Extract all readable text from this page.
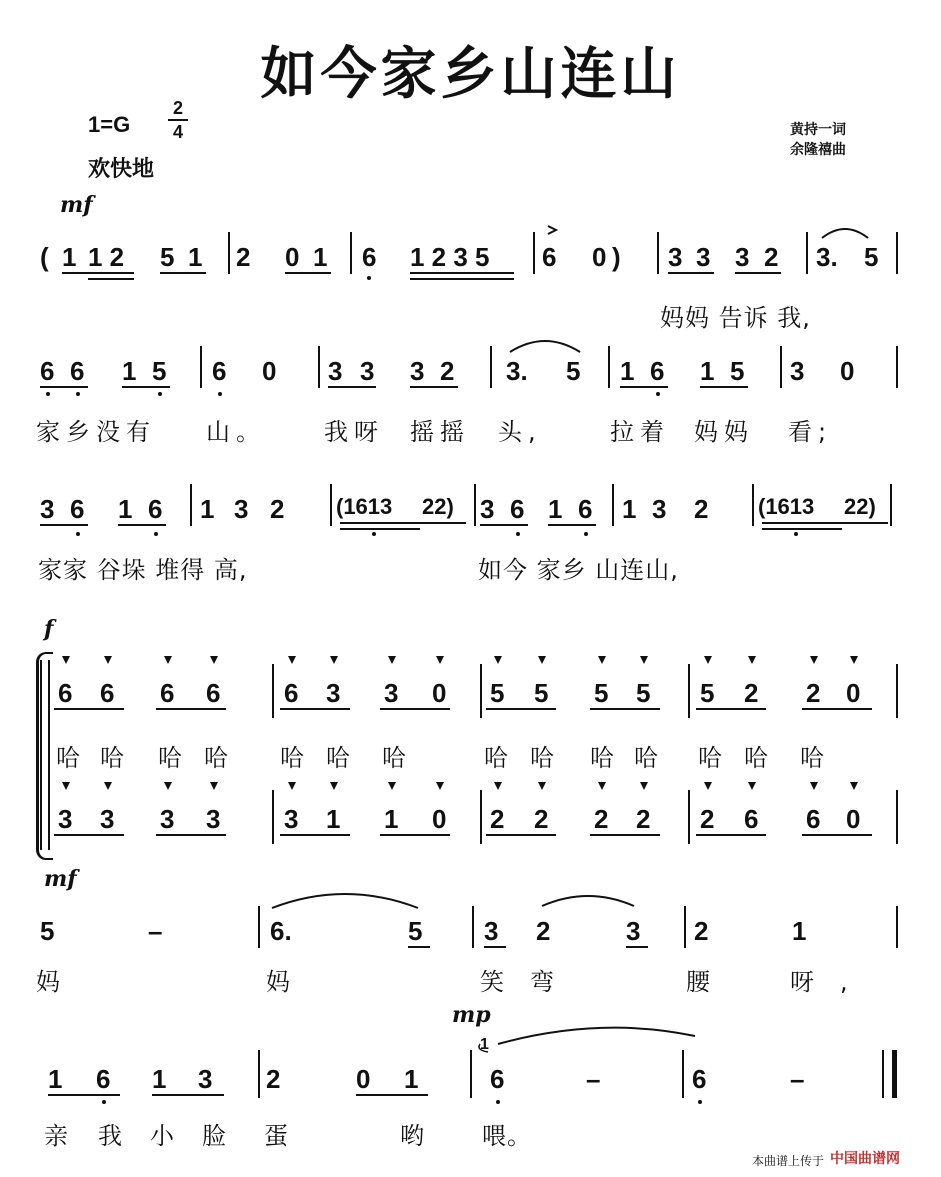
如今家乡山连山
1=G
2
4
欢快地
黄持一词
余隆禧曲
mf
( 1 1 2 5 1 2 0 1 6 1 2 3 5 6 0 ) 3 3 3 2 3. 5
妈妈 告诉 我,
6 6 1 5 6 0 3 3 3 2 3. 5 1 6 1 5 3 0
家乡没有 山。 我呀 摇摇 头,	拉着 妈妈 看;
3 6 1 6 1 3 2 (1613 22) 3 6 1 6 1 3 2 (1613 22)
家家 谷垛 堆得 高,	如今 家乡 山连山,
f
6 6 6 6 6 3 3 0 5 5 5 5 5 2 2 0
3 3 3 3 3 1 1 0 2 2 2 2 2 6 6 0
哈 哈 哈 哈 哈 哈 哈	哈 哈 哈 哈 哈 哈 哈
mf
5	–	6.	5 3 2	3 2	1
妈	妈	笑弯	腰 呀,
mp
1
1 6 1 3 2	0 1	6	–	6	–
亲 我 小 脸 蛋	哟 喂。
本曲谱上传于 中国曲谱网
